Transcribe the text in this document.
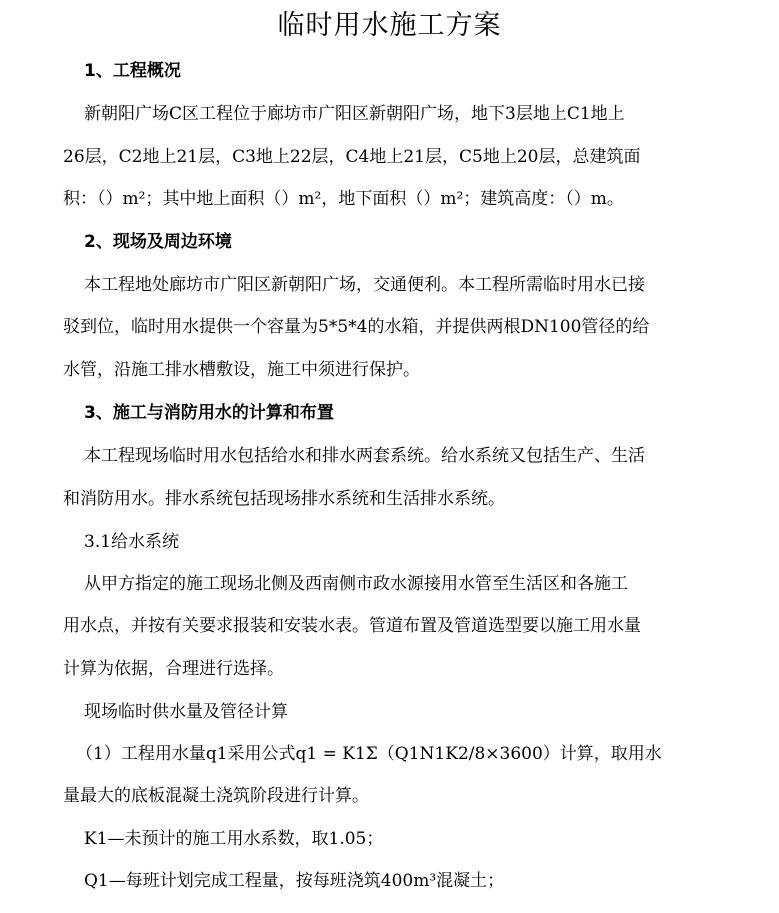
临时用水施工方案
1、工程概况
新朝阳广场C区工程位于廊坊市广阳区新朝阳广场，地下3层地上C1地上
26层，C2地上21层，C3地上22层，C4地上21层，C5地上20层，总建筑面
积：（）m²；其中地上面积（）m²，地下面积（）m²；建筑高度：（）m。
2、现场及周边环境
本工程地处廊坊市广阳区新朝阳广场，交通便利。本工程所需临时用水已接
驳到位，临时用水提供一个容量为5*5*4的水箱，并提供两根DN100管径的给
水管，沿施工排水槽敷设，施工中须进行保护。
3、施工与消防用水的计算和布置
本工程现场临时用水包括给水和排水两套系统。给水系统又包括生产、生活
和消防用水。排水系统包括现场排水系统和生活排水系统。
3.1给水系统
从甲方指定的施工现场北侧及西南侧市政水源接用水管至生活区和各施工
用水点，并按有关要求报装和安装水表。管道布置及管道选型要以施工用水量
计算为依据，合理进行选择。
现场临时供水量及管径计算
（1）工程用水量q1采用公式q1 = K1Σ（Q1N1K2/8×3600）计算，取用水
量最大的底板混凝土浇筑阶段进行计算。
K1—未预计的施工用水系数，取1.05；
Q1—每班计划完成工程量，按每班浇筑400m³混凝土；
